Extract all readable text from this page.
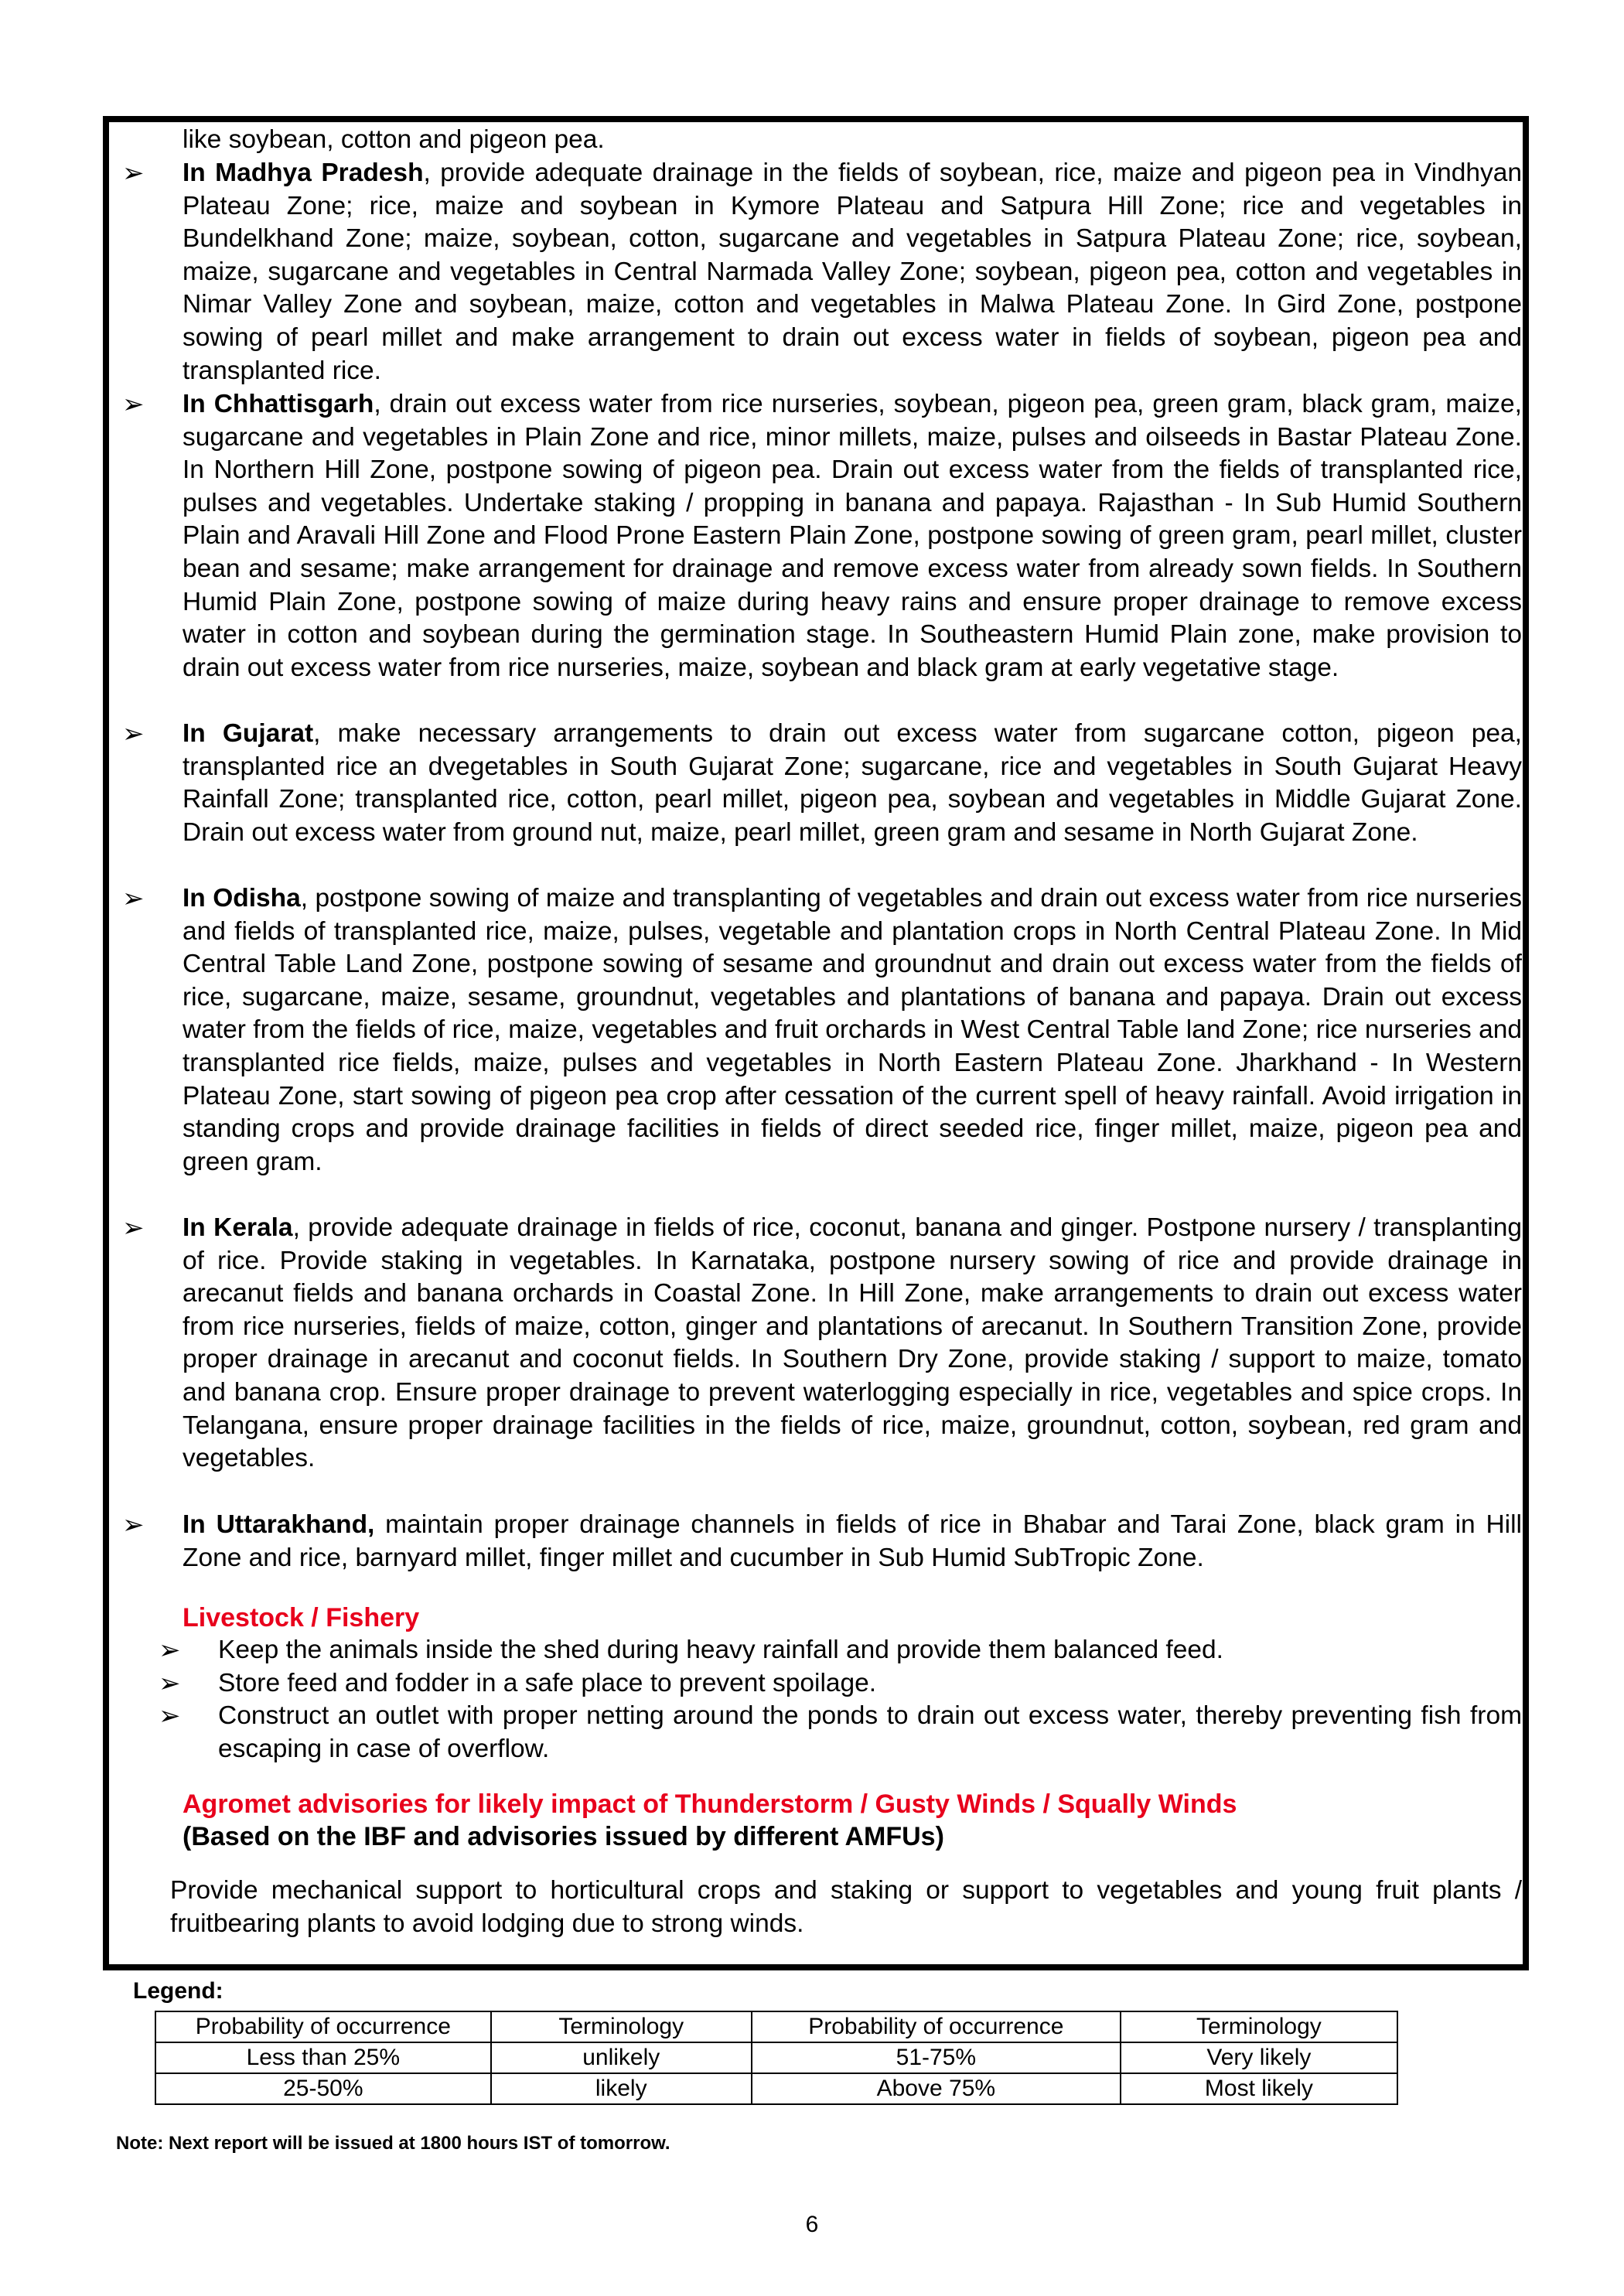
like soybean, cotton and pigeon pea.
➢ In Madhya Pradesh, provide adequate drainage in the fields of soybean, rice, maize and pigeon pea in Vindhyan Plateau Zone; rice, maize and soybean in Kymore Plateau and Satpura Hill Zone; rice and vegetables in Bundelkhand Zone; maize, soybean, cotton, sugarcane and vegetables in Satpura Plateau Zone; rice, soybean, maize, sugarcane and vegetables in Central Narmada Valley Zone; soybean, pigeon pea, cotton and vegetables in Nimar Valley Zone and soybean, maize, cotton and vegetables in Malwa Plateau Zone. In Gird Zone, postpone sowing of pearl millet and make arrangement to drain out excess water in fields of soybean, pigeon pea and transplanted rice.
➢ In Chhattisgarh, drain out excess water from rice nurseries, soybean, pigeon pea, green gram, black gram, maize, sugarcane and vegetables in Plain Zone and rice, minor millets, maize, pulses and oilseeds in Bastar Plateau Zone. In Northern Hill Zone, postpone sowing of pigeon pea. Drain out excess water from the fields of transplanted rice, pulses and vegetables. Undertake staking / propping in banana and papaya. Rajasthan - In Sub Humid Southern Plain and Aravali Hill Zone and Flood Prone Eastern Plain Zone, postpone sowing of green gram, pearl millet, cluster bean and sesame; make arrangement for drainage and remove excess water from already sown fields. In Southern Humid Plain Zone, postpone sowing of maize during heavy rains and ensure proper drainage to remove excess water in cotton and soybean during the germination stage. In Southeastern Humid Plain zone, make provision to drain out excess water from rice nurseries, maize, soybean and black gram at early vegetative stage.
➢ In Gujarat, make necessary arrangements to drain out excess water from sugarcane cotton, pigeon pea, transplanted rice an dvegetables in South Gujarat Zone; sugarcane, rice and vegetables in South Gujarat Heavy Rainfall Zone; transplanted rice, cotton, pearl millet, pigeon pea, soybean and vegetables in Middle Gujarat Zone. Drain out excess water from ground nut, maize, pearl millet, green gram and sesame in North Gujarat Zone.
➢ In Odisha, postpone sowing of maize and transplanting of vegetables and drain out excess water from rice nurseries and fields of transplanted rice, maize, pulses, vegetable and plantation crops in North Central Plateau Zone. In Mid Central Table Land Zone, postpone sowing of sesame and groundnut and drain out excess water from the fields of rice, sugarcane, maize, sesame, groundnut, vegetables and plantations of banana and papaya. Drain out excess water from the fields of rice, maize, vegetables and fruit orchards in West Central Table land Zone; rice nurseries and transplanted rice fields, maize, pulses and vegetables in North Eastern Plateau Zone. Jharkhand - In Western Plateau Zone, start sowing of pigeon pea crop after cessation of the current spell of heavy rainfall. Avoid irrigation in standing crops and provide drainage facilities in fields of direct seeded rice, finger millet, maize, pigeon pea and green gram.
➢ In Kerala, provide adequate drainage in fields of rice, coconut, banana and ginger. Postpone nursery / transplanting of rice. Provide staking in vegetables. In Karnataka, postpone nursery sowing of rice and provide drainage in arecanut fields and banana orchards in Coastal Zone. In Hill Zone, make arrangements to drain out excess water from rice nurseries, fields of maize, cotton, ginger and plantations of arecanut. In Southern Transition Zone, provide proper drainage in arecanut and coconut fields. In Southern Dry Zone, provide staking / support to maize, tomato and banana crop. Ensure proper drainage to prevent waterlogging especially in rice, vegetables and spice crops. In Telangana, ensure proper drainage facilities in the fields of rice, maize, groundnut, cotton, soybean, red gram and vegetables.
➢ In Uttarakhand, maintain proper drainage channels in fields of rice in Bhabar and Tarai Zone, black gram in Hill Zone and rice, barnyard millet, finger millet and cucumber in Sub Humid SubTropic Zone.
Livestock / Fishery
➢ Keep the animals inside the shed during heavy rainfall and provide them balanced feed.
➢ Store feed and fodder in a safe place to prevent spoilage.
➢ Construct an outlet with proper netting around the ponds to drain out excess water, thereby preventing fish from escaping in case of overflow.
Agromet advisories for likely impact of Thunderstorm / Gusty Winds / Squally Winds
(Based on the IBF and advisories issued by different AMFUs)
Provide mechanical support to horticultural crops and staking or support to vegetables and young fruit plants / fruitbearing plants to avoid lodging due to strong winds.
Legend:
Probability of occurrence	Terminology	Probability of occurrence	Terminology
Less than 25%	unlikely	51-75%	Very likely
25-50%	likely	Above 75%	Most likely
Note: Next report will be issued at 1800 hours IST of tomorrow.
6
